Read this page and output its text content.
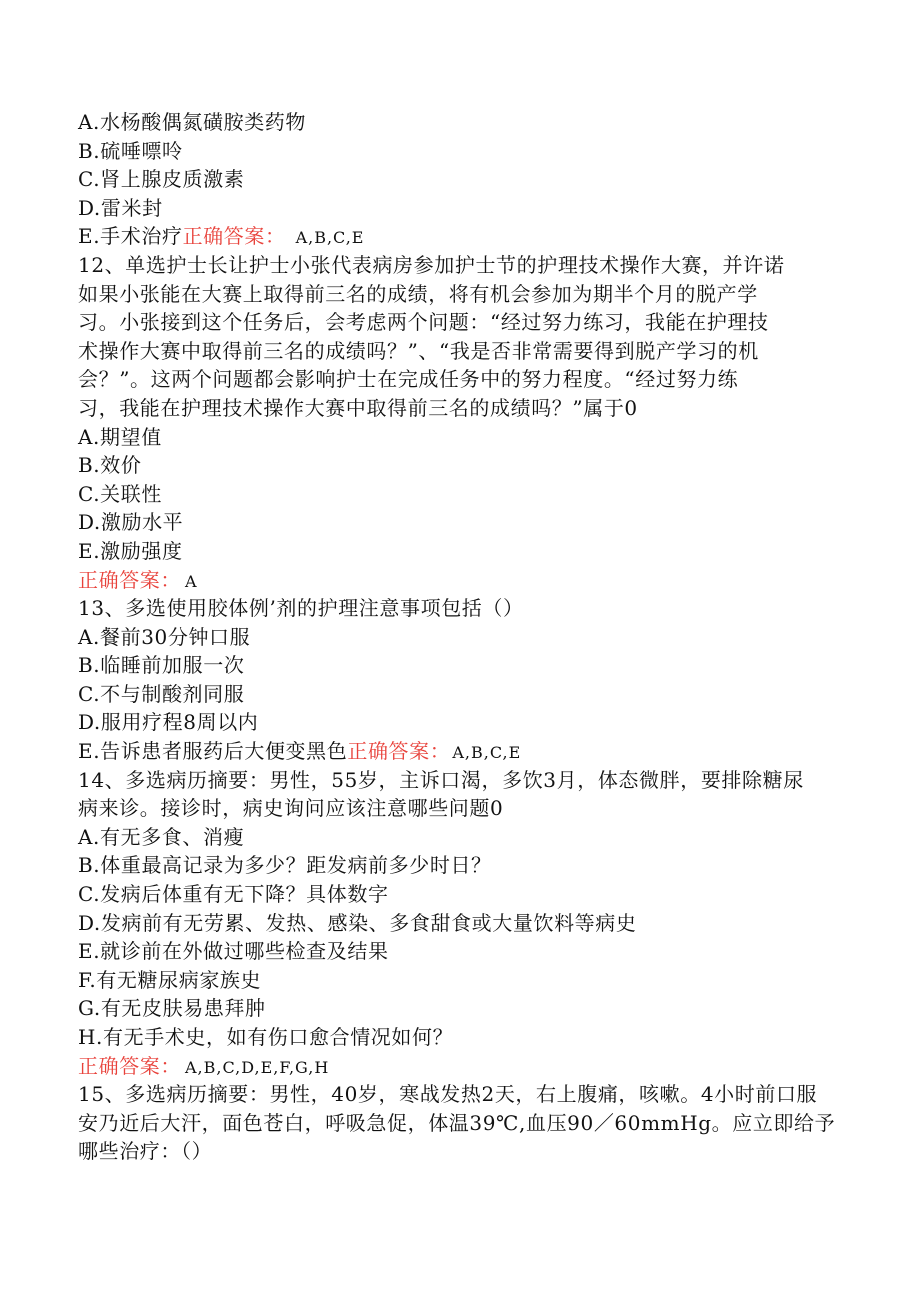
A.水杨酸偶氮磺胺类药物
B.硫唾嘌呤
C.肾上腺皮质激素
D.雷米封
E.手术治疗正确答案： A,B,C,E
12、单选护士长让护士小张代表病房参加护士节的护理技术操作大赛，并许诺
如果小张能在大赛上取得前三名的成绩，将有机会参加为期半个月的脱产学
习。小张接到这个任务后，会考虑两个问题：“经过努力练习，我能在护理技
术操作大赛中取得前三名的成绩吗？”、“我是否非常需要得到脱产学习的机
会？”。这两个问题都会影响护士在完成任务中的努力程度。“经过努力练
习，我能在护理技术操作大赛中取得前三名的成绩吗？”属于0
A.期望值
B.效价
C.关联性
D.激励水平
E.激励强度
正确答案： A
13、多选使用胶体例’剂的护理注意事项包括（）
A.餐前30分钟口服
B.临睡前加服一次
C.不与制酸剂同服
D.服用疗程8周以内
E.告诉患者服药后大便变黑色正确答案： A,B,C,E
14、多选病历摘要：男性，55岁，主诉口渴，多饮3月，体态微胖，要排除糖尿
病来诊。接诊时，病史询问应该注意哪些问题0
A.有无多食、消瘦
B.体重最高记录为多少？距发病前多少时日？
C.发病后体重有无下降？具体数字
D.发病前有无劳累、发热、感染、多食甜食或大量饮料等病史
E.就诊前在外做过哪些检查及结果
F.有无糖尿病家族史
G.有无皮肤易患拜肿
H.有无手术史，如有伤口愈合情况如何？
正确答案： A,B,C,D,E,F,G,H
15、多选病历摘要：男性，40岁，寒战发热2天，右上腹痛，咳嗽。4小时前口服
安乃近后大汗，面色苍白，呼吸急促，体温39℃,血压90／60mmHg。应立即给予
哪些治疗：（）
